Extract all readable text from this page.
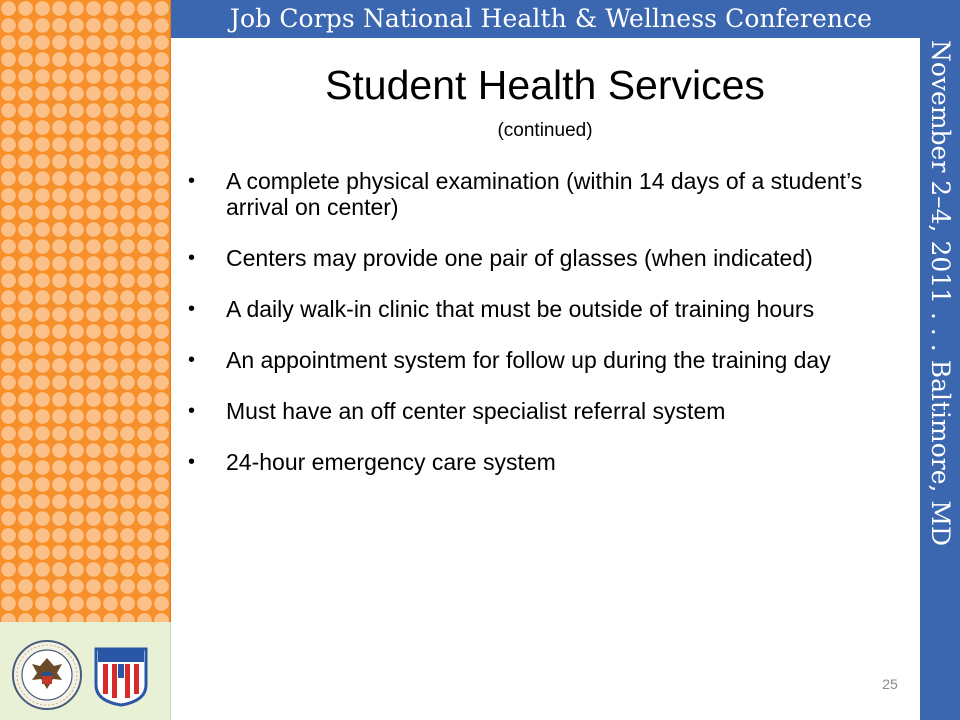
Job Corps National Health & Wellness Conference
November 2–4, 2011 . . . Baltimore, MD
Student Health Services
(continued)
• A complete physical examination (within 14 days of a student’s arrival on center)
• Centers may provide one pair of glasses (when indicated)
• A daily walk-in clinic that must be outside of training hours
• An appointment system for follow up during the training day
• Must have an off center specialist referral system
• 24-hour emergency care system
25
